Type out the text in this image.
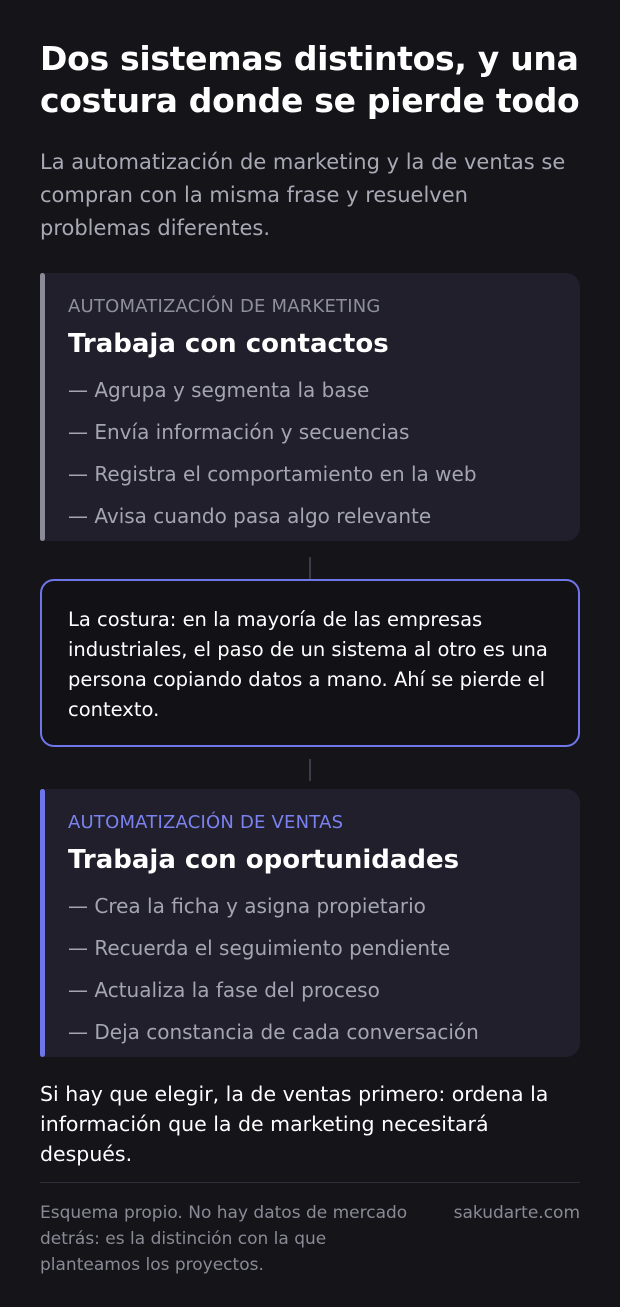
Dos sistemas distintos, y una costura donde se pierde todo

La automatización de marketing y la de ventas se compran con la misma frase y resuelven problemas diferentes.

AUTOMATIZACIÓN DE MARKETING
Trabaja con contactos
— Agrupa y segmenta la base
— Envía información y secuencias
— Registra el comportamiento en la web
— Avisa cuando pasa algo relevante

La costura: en la mayoría de las empresas industriales, el paso de un sistema al otro es una persona copiando datos a mano. Ahí se pierde el contexto.

AUTOMATIZACIÓN DE VENTAS
Trabaja con oportunidades
— Crea la ficha y asigna propietario
— Recuerda el seguimiento pendiente
— Actualiza la fase del proceso
— Deja constancia de cada conversación

Si hay que elegir, la de ventas primero: ordena la información que la de marketing necesitará después.

Esquema propio. No hay datos de mercado detrás: es la distinción con la que planteamos los proyectos.

sakudarte.com
